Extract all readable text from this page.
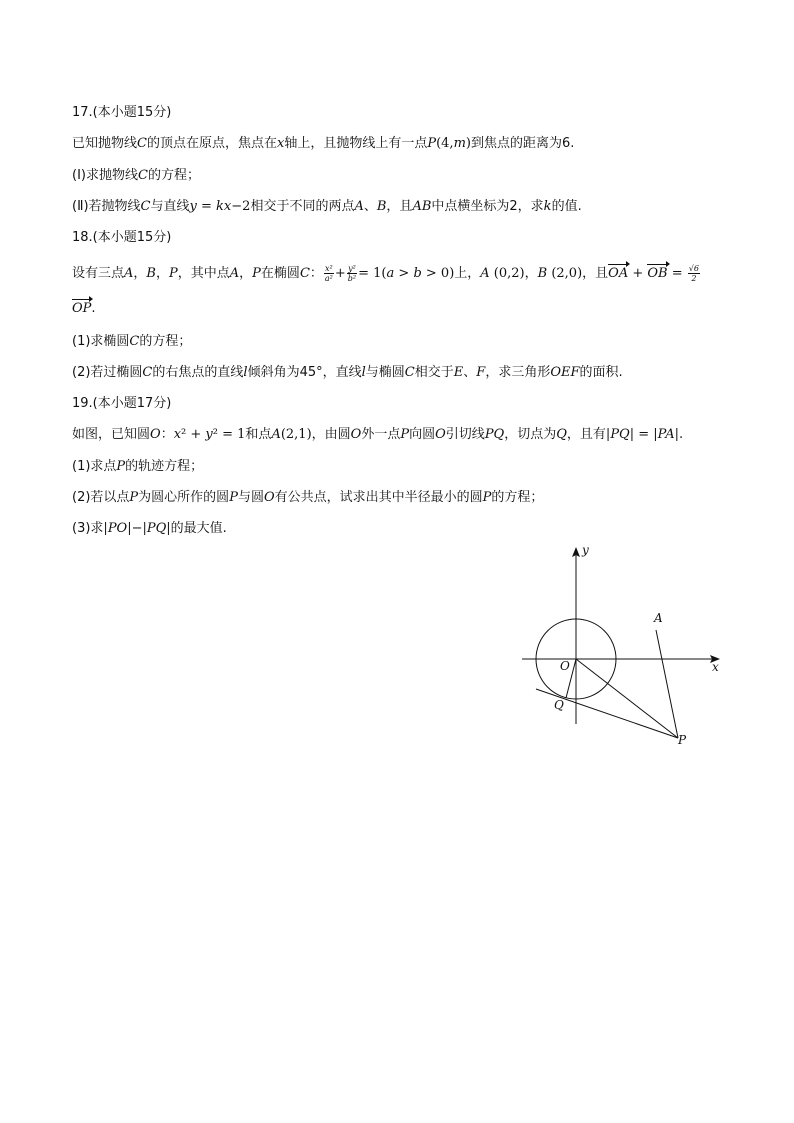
17.(本小题15分)
已知抛物线C的顶点在原点，焦点在x轴上，且抛物线上有一点P(4,m)到焦点的距离为6.
(Ⅰ)求抛物线C的方程；
(Ⅱ)若抛物线C与直线y = kx−2相交于不同的两点A、B，且AB中点横坐标为2，求k的值.
18.(本小题15分)
设有三点A，B，P，其中点A，P在椭圆C： $\frac{\text{x²}}{\text{a²}} + \frac{\text{y²}}{\text{b²}} = 1(a > b > 0)$上，A (0,2)，B (2,0)，且OA + OB = $\frac{√6}{2}$
OP.
(1)求椭圆C的方程；
(2)若过椭圆C的右焦点的直线l倾斜角为45°，直线l与椭圆C相交于E、F，求三角形OEF的面积.
19.(本小题17分)
如图，已知圆O：x² + y² = 1和点A(2,1)，由圆O外一点P向圆O引切线PQ，切点为Q，且有|PQ| = |PA|.
(1)求点P的轨迹方程；
(2)若以点P为圆心所作的圆P与圆O有公共点，试求出其中半径最小的圆P的方程；
(3)求|PO|−|PQ|的最大值.
y
x
O
A
Q
P
